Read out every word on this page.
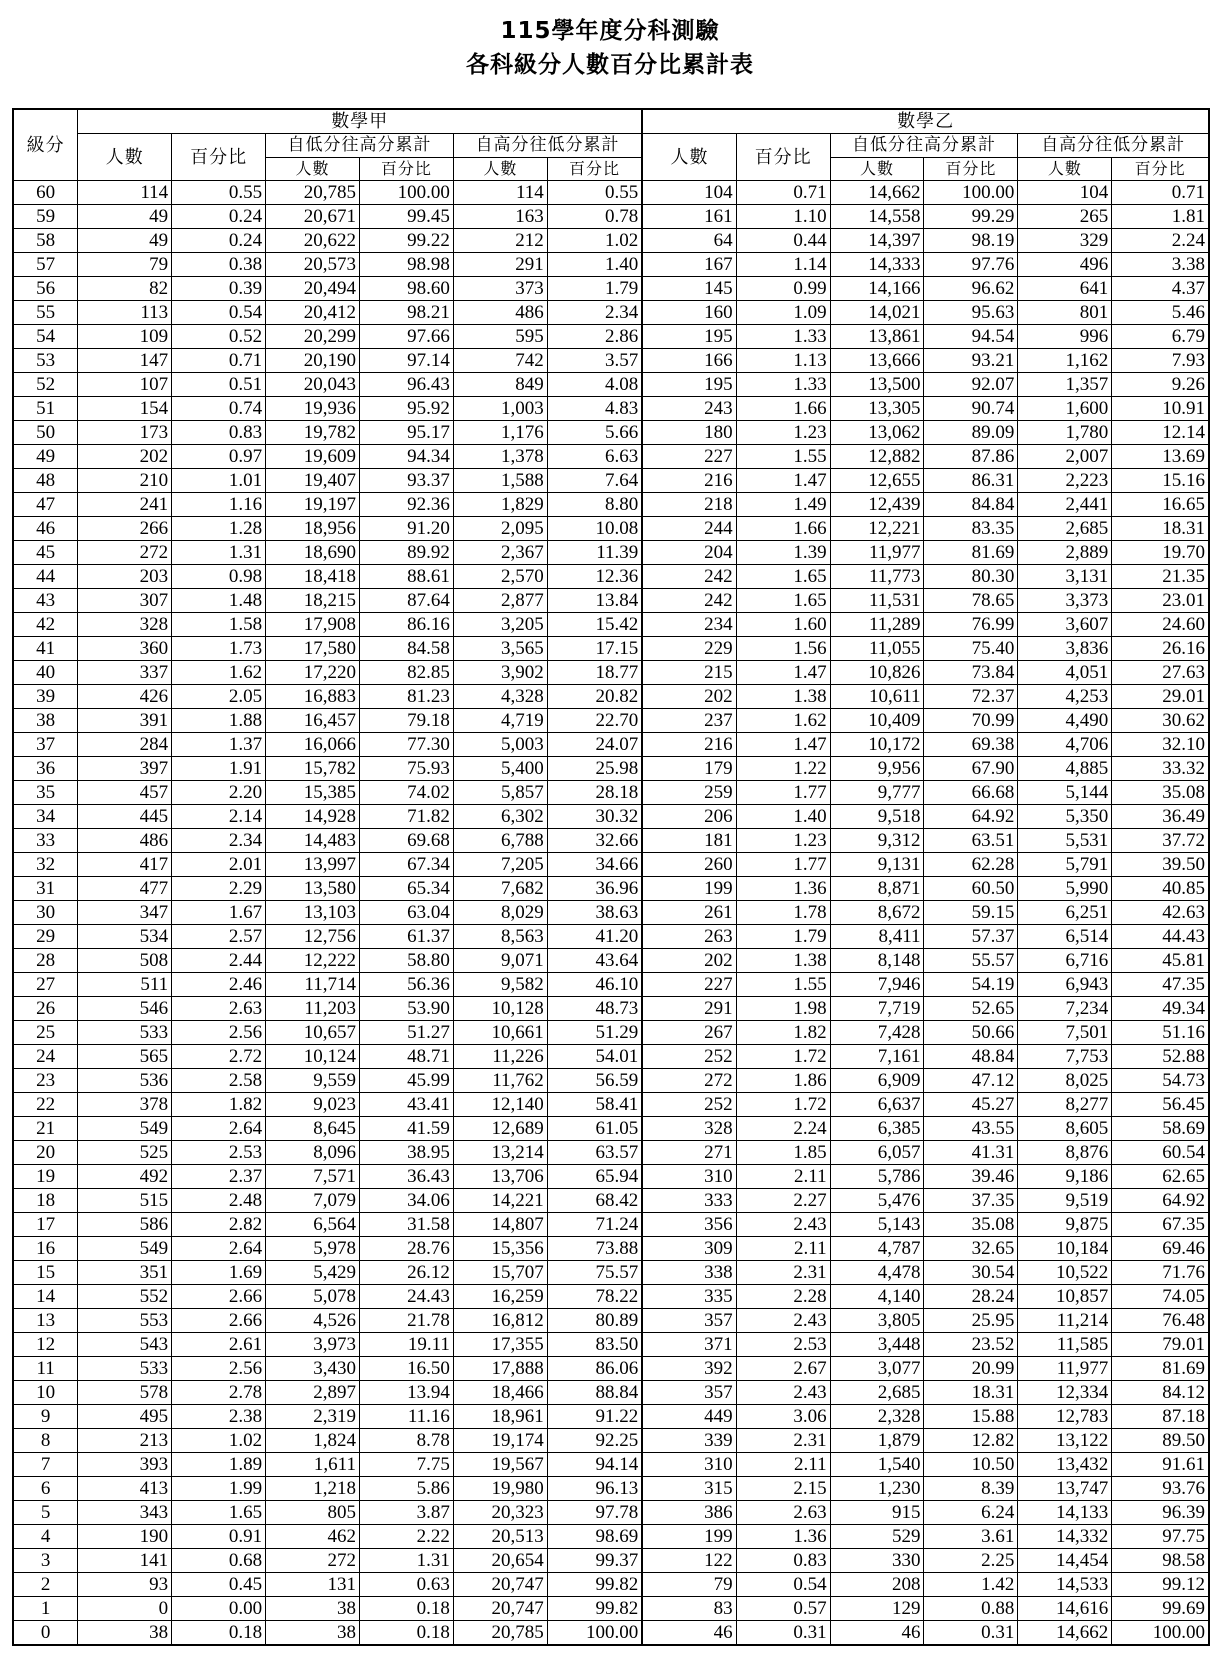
115學年度分科測驗
各科級分人數百分比累計表
級分	數學甲						數學乙					
	人數	百分比	自低分往高分累計		自高分往低分累計		人數	百分比	自低分往高分累計		自高分往低分累計	
			人數	百分比	人數	百分比			人數	百分比	人數	百分比
60	114	0.55	20,785	100.00	114	0.55	104	0.71	14,662	100.00	104	0.71
59	49	0.24	20,671	99.45	163	0.78	161	1.10	14,558	99.29	265	1.81
58	49	0.24	20,622	99.22	212	1.02	64	0.44	14,397	98.19	329	2.24
57	79	0.38	20,573	98.98	291	1.40	167	1.14	14,333	97.76	496	3.38
56	82	0.39	20,494	98.60	373	1.79	145	0.99	14,166	96.62	641	4.37
55	113	0.54	20,412	98.21	486	2.34	160	1.09	14,021	95.63	801	5.46
54	109	0.52	20,299	97.66	595	2.86	195	1.33	13,861	94.54	996	6.79
53	147	0.71	20,190	97.14	742	3.57	166	1.13	13,666	93.21	1,162	7.93
52	107	0.51	20,043	96.43	849	4.08	195	1.33	13,500	92.07	1,357	9.26
51	154	0.74	19,936	95.92	1,003	4.83	243	1.66	13,305	90.74	1,600	10.91
50	173	0.83	19,782	95.17	1,176	5.66	180	1.23	13,062	89.09	1,780	12.14
49	202	0.97	19,609	94.34	1,378	6.63	227	1.55	12,882	87.86	2,007	13.69
48	210	1.01	19,407	93.37	1,588	7.64	216	1.47	12,655	86.31	2,223	15.16
47	241	1.16	19,197	92.36	1,829	8.80	218	1.49	12,439	84.84	2,441	16.65
46	266	1.28	18,956	91.20	2,095	10.08	244	1.66	12,221	83.35	2,685	18.31
45	272	1.31	18,690	89.92	2,367	11.39	204	1.39	11,977	81.69	2,889	19.70
44	203	0.98	18,418	88.61	2,570	12.36	242	1.65	11,773	80.30	3,131	21.35
43	307	1.48	18,215	87.64	2,877	13.84	242	1.65	11,531	78.65	3,373	23.01
42	328	1.58	17,908	86.16	3,205	15.42	234	1.60	11,289	76.99	3,607	24.60
41	360	1.73	17,580	84.58	3,565	17.15	229	1.56	11,055	75.40	3,836	26.16
40	337	1.62	17,220	82.85	3,902	18.77	215	1.47	10,826	73.84	4,051	27.63
39	426	2.05	16,883	81.23	4,328	20.82	202	1.38	10,611	72.37	4,253	29.01
38	391	1.88	16,457	79.18	4,719	22.70	237	1.62	10,409	70.99	4,490	30.62
37	284	1.37	16,066	77.30	5,003	24.07	216	1.47	10,172	69.38	4,706	32.10
36	397	1.91	15,782	75.93	5,400	25.98	179	1.22	9,956	67.90	4,885	33.32
35	457	2.20	15,385	74.02	5,857	28.18	259	1.77	9,777	66.68	5,144	35.08
34	445	2.14	14,928	71.82	6,302	30.32	206	1.40	9,518	64.92	5,350	36.49
33	486	2.34	14,483	69.68	6,788	32.66	181	1.23	9,312	63.51	5,531	37.72
32	417	2.01	13,997	67.34	7,205	34.66	260	1.77	9,131	62.28	5,791	39.50
31	477	2.29	13,580	65.34	7,682	36.96	199	1.36	8,871	60.50	5,990	40.85
30	347	1.67	13,103	63.04	8,029	38.63	261	1.78	8,672	59.15	6,251	42.63
29	534	2.57	12,756	61.37	8,563	41.20	263	1.79	8,411	57.37	6,514	44.43
28	508	2.44	12,222	58.80	9,071	43.64	202	1.38	8,148	55.57	6,716	45.81
27	511	2.46	11,714	56.36	9,582	46.10	227	1.55	7,946	54.19	6,943	47.35
26	546	2.63	11,203	53.90	10,128	48.73	291	1.98	7,719	52.65	7,234	49.34
25	533	2.56	10,657	51.27	10,661	51.29	267	1.82	7,428	50.66	7,501	51.16
24	565	2.72	10,124	48.71	11,226	54.01	252	1.72	7,161	48.84	7,753	52.88
23	536	2.58	9,559	45.99	11,762	56.59	272	1.86	6,909	47.12	8,025	54.73
22	378	1.82	9,023	43.41	12,140	58.41	252	1.72	6,637	45.27	8,277	56.45
21	549	2.64	8,645	41.59	12,689	61.05	328	2.24	6,385	43.55	8,605	58.69
20	525	2.53	8,096	38.95	13,214	63.57	271	1.85	6,057	41.31	8,876	60.54
19	492	2.37	7,571	36.43	13,706	65.94	310	2.11	5,786	39.46	9,186	62.65
18	515	2.48	7,079	34.06	14,221	68.42	333	2.27	5,476	37.35	9,519	64.92
17	586	2.82	6,564	31.58	14,807	71.24	356	2.43	5,143	35.08	9,875	67.35
16	549	2.64	5,978	28.76	15,356	73.88	309	2.11	4,787	32.65	10,184	69.46
15	351	1.69	5,429	26.12	15,707	75.57	338	2.31	4,478	30.54	10,522	71.76
14	552	2.66	5,078	24.43	16,259	78.22	335	2.28	4,140	28.24	10,857	74.05
13	553	2.66	4,526	21.78	16,812	80.89	357	2.43	3,805	25.95	11,214	76.48
12	543	2.61	3,973	19.11	17,355	83.50	371	2.53	3,448	23.52	11,585	79.01
11	533	2.56	3,430	16.50	17,888	86.06	392	2.67	3,077	20.99	11,977	81.69
10	578	2.78	2,897	13.94	18,466	88.84	357	2.43	2,685	18.31	12,334	84.12
9	495	2.38	2,319	11.16	18,961	91.22	449	3.06	2,328	15.88	12,783	87.18
8	213	1.02	1,824	8.78	19,174	92.25	339	2.31	1,879	12.82	13,122	89.50
7	393	1.89	1,611	7.75	19,567	94.14	310	2.11	1,540	10.50	13,432	91.61
6	413	1.99	1,218	5.86	19,980	96.13	315	2.15	1,230	8.39	13,747	93.76
5	343	1.65	805	3.87	20,323	97.78	386	2.63	915	6.24	14,133	96.39
4	190	0.91	462	2.22	20,513	98.69	199	1.36	529	3.61	14,332	97.75
3	141	0.68	272	1.31	20,654	99.37	122	0.83	330	2.25	14,454	98.58
2	93	0.45	131	0.63	20,747	99.82	79	0.54	208	1.42	14,533	99.12
1	0	0.00	38	0.18	20,747	99.82	83	0.57	129	0.88	14,616	99.69
0	38	0.18	38	0.18	20,785	100.00	46	0.31	46	0.31	14,662	100.00
